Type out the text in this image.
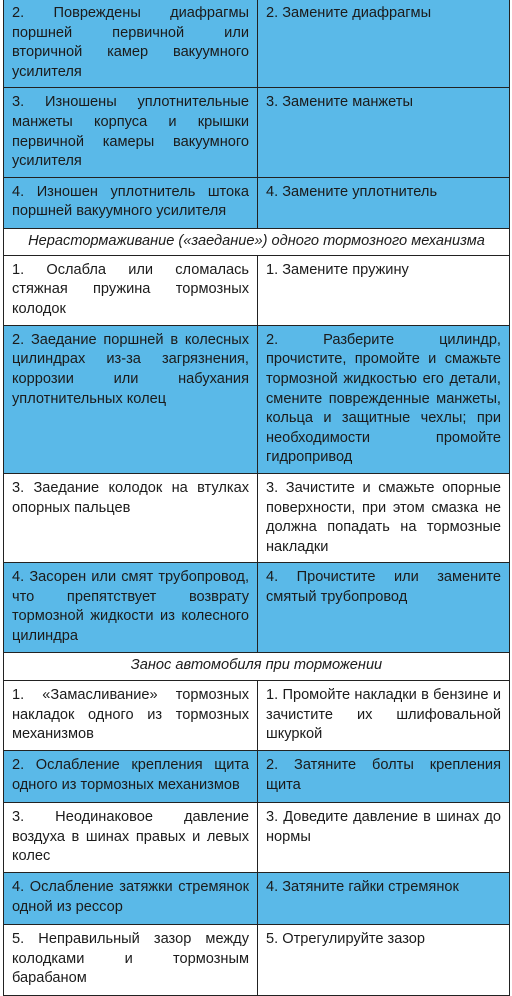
2. Повреждены диафрагмы поршней первичной или вторичной камер вакуумного усилителя	2. Замените диафрагмы
3. Изношены уплотнительные манжеты корпуса и крышки первичной камеры вакуумного усилителя	3. Замените манжеты
4. Изношен уплотнитель штока поршней вакуумного усилителя	4. Замените уплотнитель
Нерастормаживание («заедание») одного тормозного механизма	
1. Ослабла или сломалась стяжная пружина тормозных колодок	1. Замените пружину
2. Заедание поршней в колесных цилиндрах из-за загрязнения, коррозии или набухания уплотнительных колец	2. Разберите цилиндр, прочистите, промойте и смажьте тормозной жидкостью его детали, смените поврежденные манжеты, кольца и защитные чехлы; при необходимости промойте гидропривод
3. Заедание колодок на втулках опорных пальцев	3. Зачистите и смажьте опорные поверхности, при этом смазка не должна попадать на тормозные накладки
4. Засорен или смят трубопровод, что препятствует возврату тормозной жидкости из колесного цилиндра	4. Прочистите или замените смятый трубопровод
Занос автомобиля при торможении	
1. «Замасливание» тормозных накладок одного из тормозных механизмов	1. Промойте накладки в бензине и зачистите их шлифовальной шкуркой
2. Ослабление крепления щита одного из тормозных механизмов	2. Затяните болты крепления щита
3. Неодинаковое давление воздуха в шинах правых и левых колес	3. Доведите давление в шинах до нормы
4. Ослабление затяжки стремянок одной из рессор	4. Затяните гайки стремянок
5. Неправильный зазор между колодками и тормозным барабаном	5. Отрегулируйте зазор
